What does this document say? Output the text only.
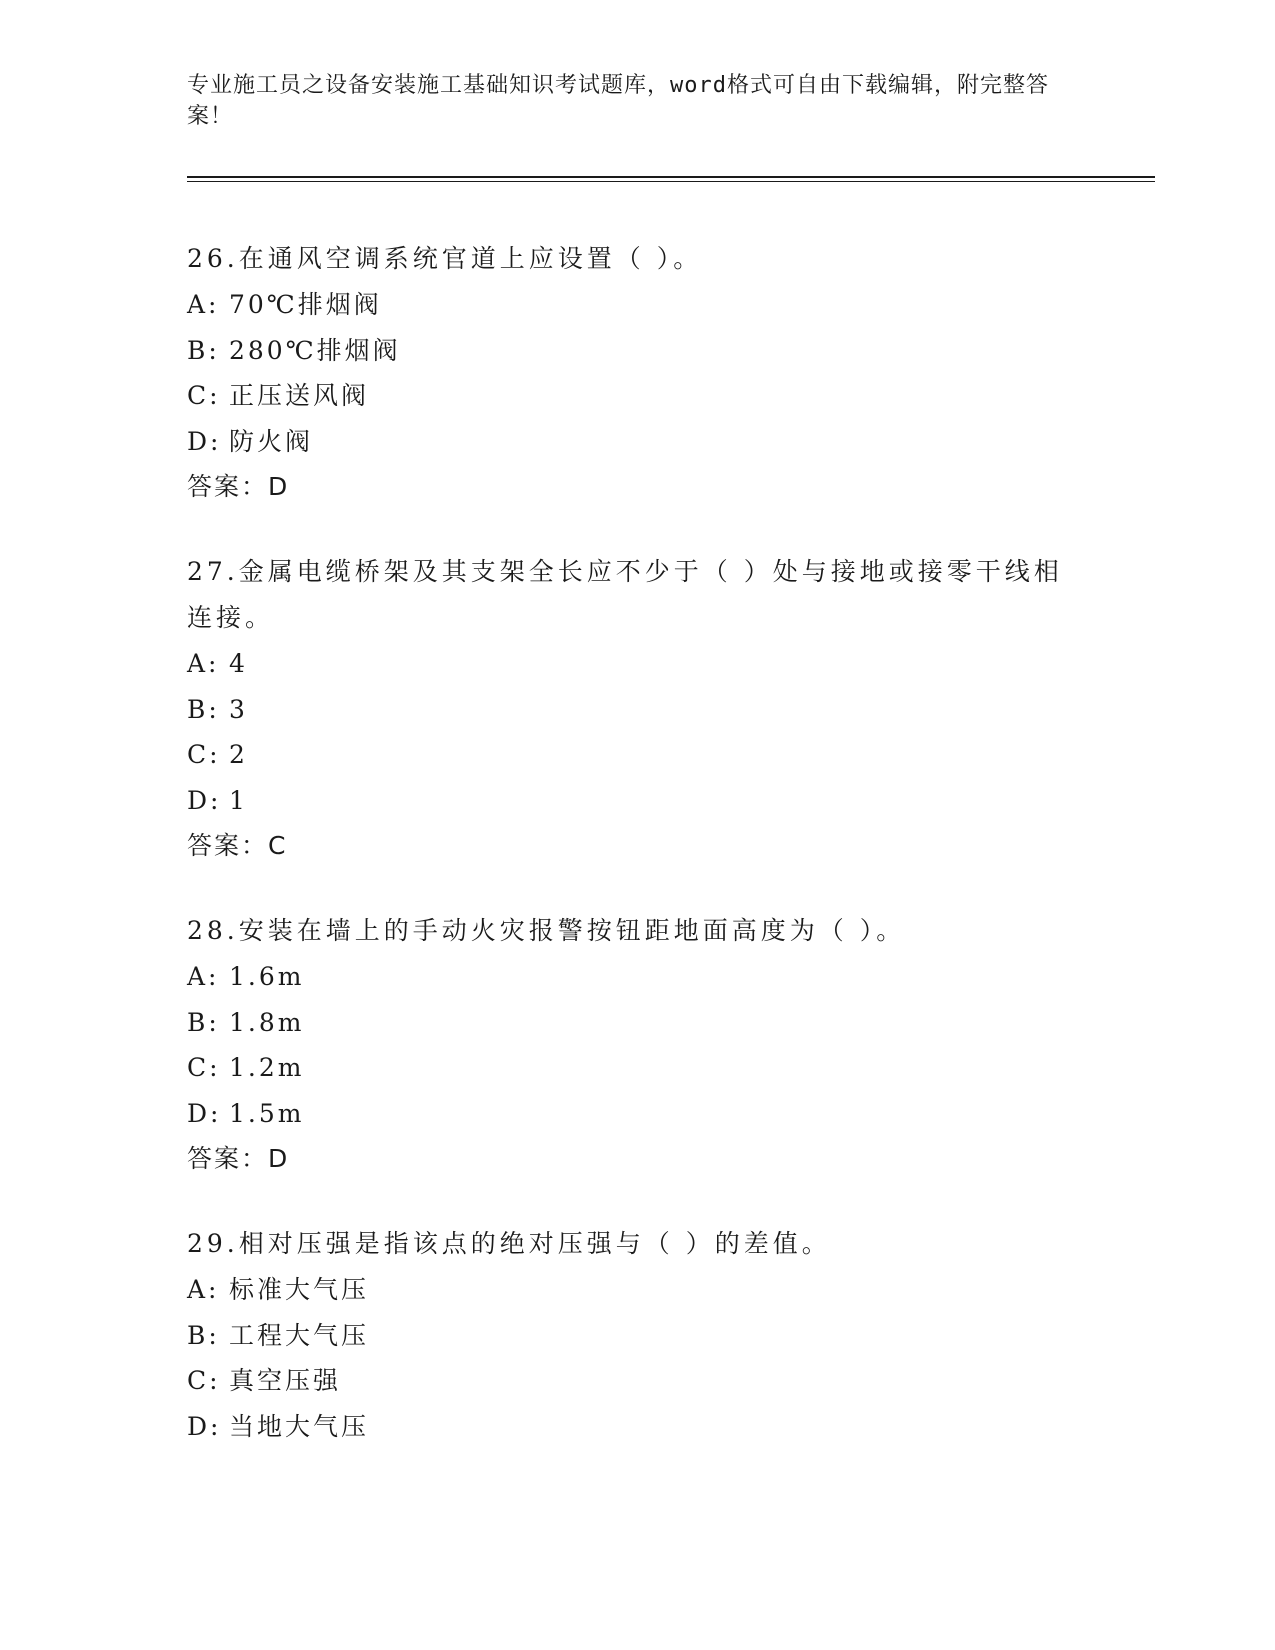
专业施工员之设备安装施工基础知识考试题库，word格式可自由下载编辑，附完整答案！

26.在通风空调系统官道上应设置（ ）。

A: 70℃排烟阀

B: 280℃排烟阀

C: 正压送风阀

D: 防火阀

答案：D

27.金属电缆桥架及其支架全长应不少于（ ）处与接地或接零干线相连接。

A: 4

B: 3

C: 2

D: 1

答案：C

28.安装在墙上的手动火灾报警按钮距地面高度为（ ）。

A: 1.6m

B: 1.8m

C: 1.2m

D: 1.5m

答案：D

29.相对压强是指该点的绝对压强与（ ）的差值。

A: 标准大气压

B: 工程大气压

C: 真空压强

D: 当地大气压
